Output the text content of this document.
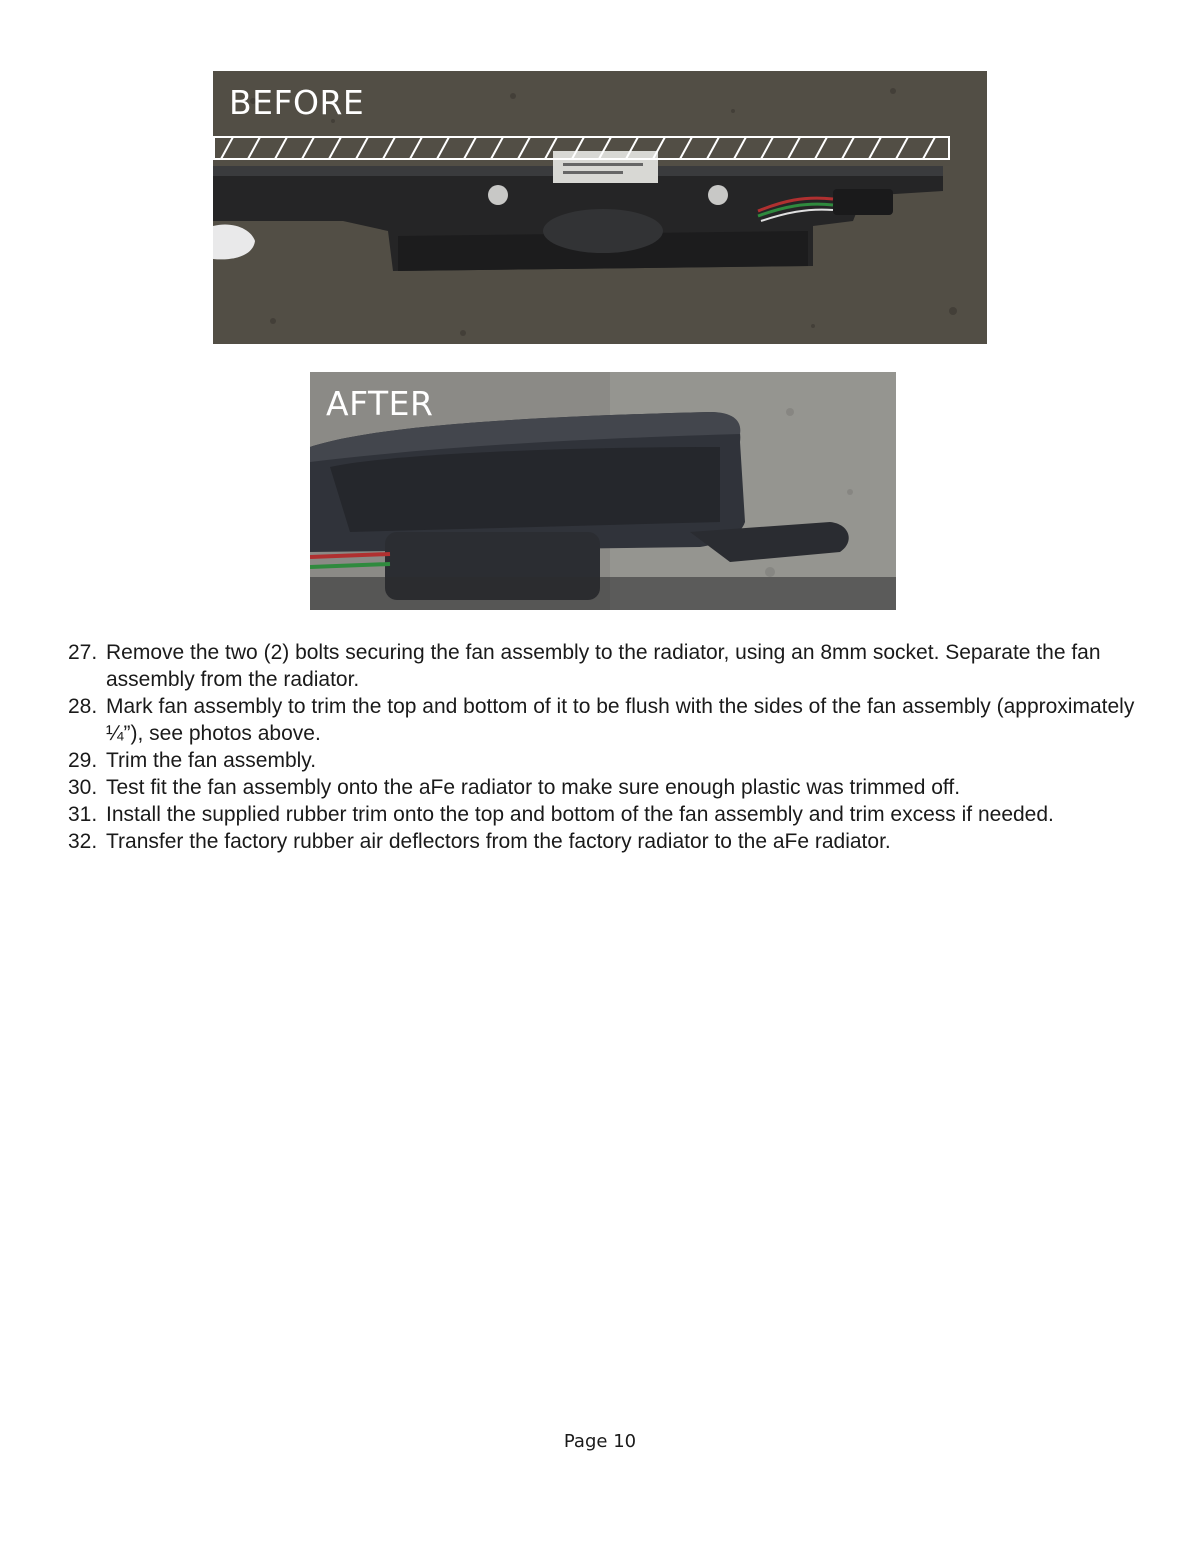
BEFORE
AFTER
27. Remove the two (2) bolts securing the fan assembly to the radiator, using an 8mm socket. Separate the fan assembly from the radiator.
28. Mark fan assembly to trim the top and bottom of it to be flush with the sides of the fan assembly (approximately ¼”), see photos above.
29. Trim the fan assembly.
30. Test fit the fan assembly onto the aFe radiator to make sure enough plastic was trimmed off.
31. Install the supplied rubber trim onto the top and bottom of the fan assembly and trim excess if needed.
32. Transfer the factory rubber air deflectors from the factory radiator to the aFe radiator.
Page 10
